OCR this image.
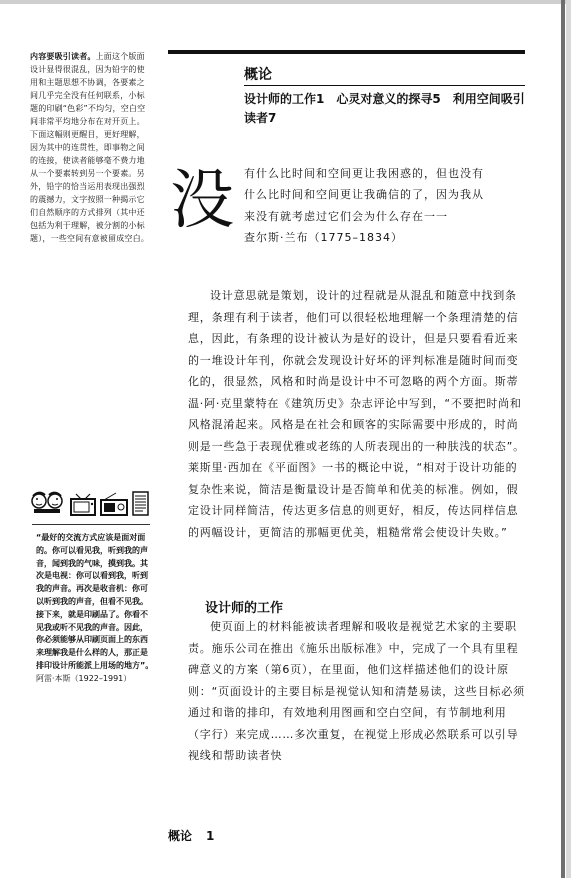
内容要吸引读者。上面这个版面设计显得很混乱，因为铅字的使用和主题思想不协调，各要素之间几乎完全没有任何联系，小标题的印刷“色彩”不均匀，空白空间非常平均地分布在对开页上。下面这幅则更醒目，更好理解，因为其中的连贯性，即事物之间的连接，使读者能够毫不费力地从一个要素转到另一个要素。另外，铅字的恰当运用表现出强烈的震撼力，文字按照一种揭示它们自然顺序的方式排列（其中还包括为利于理解，被分割的小标题），一些空间有意被留成空白。
“最好的交流方式应该是面对面的。你可以看见我，听到我的声音，闻到我的气味，摸到我。其次是电视：你可以看到我，听到我的声音。再次是收音机：你可以听到我的声音，但看不见我。接下来，就是印刷品了。你看不见我或听不见我的声音。因此，你必须能够从印刷页面上的东西来理解我是什么样的人，那正是排印设计所能派上用场的地方”。阿雷·本斯（1922–1991）
概论
设计师的工作1　心灵对意义的探寻5　利用空间吸引读者7
没 有什么比时间和空间更让我困惑的，但也没有什么比时间和空间更让我确信的了，因为我从来没有就考虑过它们会为什么存在一一
查尔斯·兰布（1775–1834）

设计意思就是策划，设计的过程就是从混乱和随意中找到条理，条理有利于读者，他们可以很轻松地理解一个条理清楚的信息，因此，有条理的设计被认为是好的设计，但是只要看看近来的一堆设计年刊，你就会发现设计好坏的评判标准是随时间而变化的，很显然，风格和时尚是设计中不可忽略的两个方面。斯蒂温·阿·克里蒙特在《建筑历史》杂志评论中写到，“不要把时尚和风格混淆起来。风格是在社会和顾客的实际需要中形成的，时尚则是一些急于表现优雅或老练的人所表现出的一种肤浅的状态”。莱斯里·西加在《平面图》一书的概论中说，“相对于设计功能的复杂性来说，简洁是衡量设计是否简单和优美的标准。例如，假定设计同样简洁，传达更多信息的则更好，相反，传达同样信息的两幅设计，更简洁的那幅更优美，粗糙常常会使设计失败。”

设计师的工作

使页面上的材料能被读者理解和吸收是视觉艺术家的主要职责。施乐公司在推出《施乐出版标准》中，完成了一个具有里程碑意义的方案（第6页），在里面，他们这样描述他们的设计原则：“页面设计的主要目标是视觉认知和清楚易读，这些目标必须通过和谐的排印，有效地利用图画和空白空间，有节制地利用（字行）来完成……多次重复，在视觉上形成必然联系可以引导视线和帮助读者快

概论 1
